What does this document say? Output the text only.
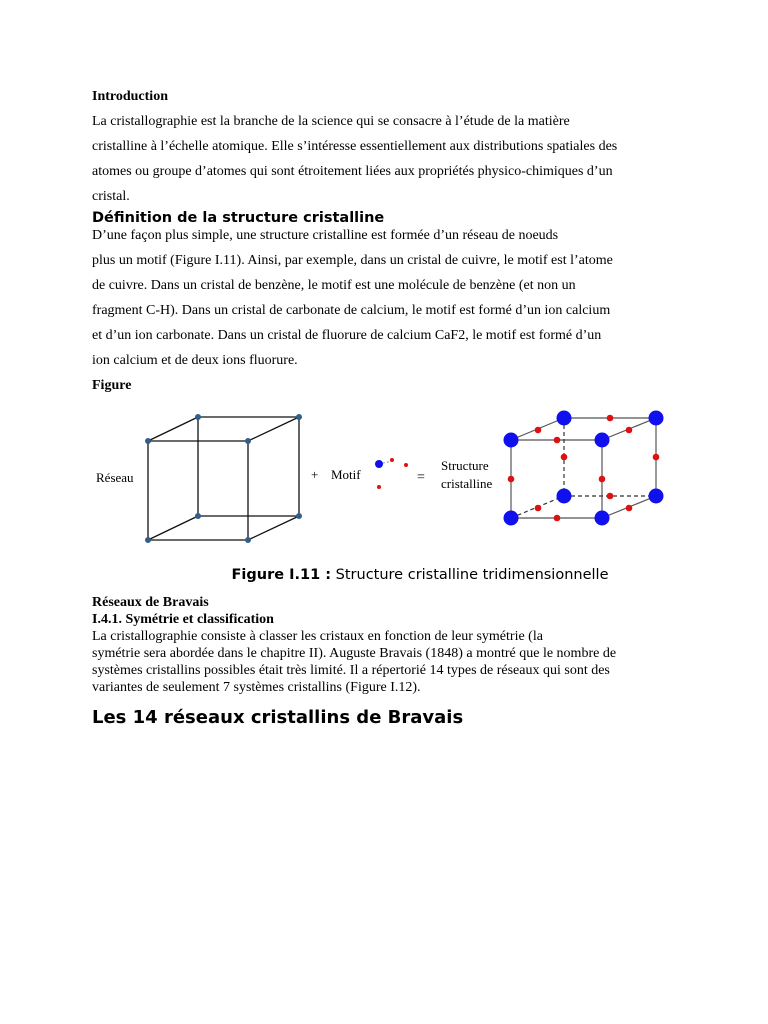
Introduction

La cristallographie est la branche de la science qui se consacre à l’étude de la matière

cristalline à l’échelle atomique. Elle s’intéresse essentiellement aux distributions spatiales des

atomes ou groupe d’atomes qui sont étroitement liées aux propriétés physico-chimiques d’un

cristal.

Définition de la structure cristalline

D’une façon plus simple, une structure cristalline est formée d’un réseau de noeuds

plus un motif (Figure I.11). Ainsi, par exemple, dans un cristal de cuivre, le motif est l’atome

de cuivre. Dans un cristal de benzène, le motif est une molécule de benzène (et non un

fragment C-H). Dans un cristal de carbonate de calcium, le motif est formé d’un ion calcium

et d’un ion carbonate. Dans un cristal de fluorure de calcium CaF2, le motif est formé d’un

ion calcium et de deux ions fluorure.

Figure

Réseau	+ Motif	=
Structure
cristalline

Figure I.11 : Structure cristalline tridimensionnelle

Réseaux de Bravais

I.4.1. Symétrie et classification

La cristallographie consiste à classer les cristaux en fonction de leur symétrie (la

symétrie sera abordée dans le chapitre II). Auguste Bravais (1848) a montré que le nombre de

systèmes cristallins possibles était très limité. Il a répertorié 14 types de réseaux qui sont des

variantes de seulement 7 systèmes cristallins (Figure I.12).

Les 14 réseaux cristallins de Bravais
